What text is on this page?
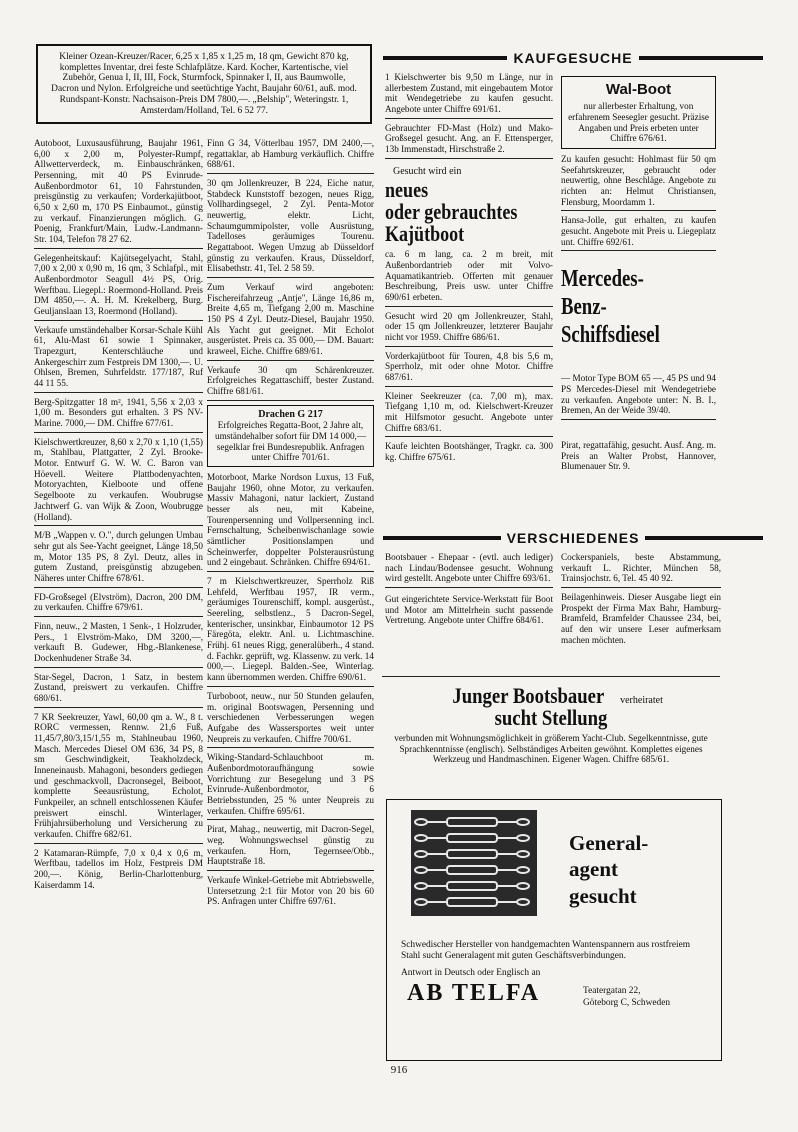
Kleiner Ozean-Kreuzer/Racer, 6,25 x 1,85 x 1,25 m, 18 qm, Gewicht 870 kg, komplettes Inventar, drei feste Schlafplätze. Kard. Kocher, Kartentische, viel Zubehör, Genua I, II, III, Fock, Sturmfock, Spinnaker I, II, aus Baumwolle, Dacron und Nylon. Erfolgreiche und seetüchtige Yacht, Baujahr 60/61, auß. mod. Rundspant-Konstr. Nachsaison-Preis DM 7800,—. „Belship", Weteringstr. 1, Amsterdam/Holland, Tel. 6 52 77.
Autoboot, Luxusausführung, Baujahr 1961, 6,00 x 2,00 m, Polyester-Rumpf, Allwetterverdeck, m. Einbauschränken, Persenning, mit 40 PS Evinrude-Außenbordmotor 61, 10 Fahrstunden, preisgünstig zu verkaufen; Vorderkajütboot, 6,50 x 2,60 m, 170 PS Einbaumot., günstig zu verkauf. Finanzierungen möglich. G. Poenig, Frankfurt/Main, Ludw.-Landmann-Str. 104, Telefon 78 27 62.
Gelegenheitskauf: Kajütsegelyacht, Stahl, 7,00 x 2,00 x 0,90 m, 16 qm, 3 Schlafpl., mit Außenbordmotor Seagull 4½ PS, Orig. Werftbau. Liegepl.: Roermond-Holland. Preis DM 4850,—. A. H. M. Krekelberg, Burg. Geuljanslaan 13, Roermond (Holland).
Verkaufe umständehalber Korsar-Schale Kühl 61, Alu-Mast 61 sowie 1 Spinnaker, Trapezgurt, Kenterschläuche und Ankergeschirr zum Festpreis DM 1300,—. U. Ohlsen, Bremen, Suhrfeldstr. 177/187, Ruf 44 11 55.
Berg-Spitzgatter 18 m², 1941, 5,56 x 2,03 x 1,00 m. Besonders gut erhalten. 3 PS NV-Marine. 7000,— DM. Chiffre 677/61.
Kielschwertkreuzer, 8,60 x 2,70 x 1,10 (1,55) m, Stahlbau, Plattgatter, 2 Zyl. Brooke-Motor. Entwurf G. W. W. C. Baron van Höevell. Weitere Plattbodenyachten, Motoryachten, Kielboote und offene Segelboote zu verkaufen. Woubrugse Jachtwerf G. van Wijk & Zoon, Woubrugge (Holland).
M/B „Wappen v. O.", durch gelungen Umbau sehr gut als See-Yacht geeignet, Länge 18,50 m, Motor 135 PS, 8 Zyl. Deutz, alles in gutem Zustand, preisgünstig abzugeben. Näheres unter Chiffre 678/61.
FD-Großsegel (Elvström), Dacron, 200 DM, zu verkaufen. Chiffre 679/61.
Finn, neuw., 2 Masten, 1 Senk-, 1 Holzruder, Pers., 1 Elvström-Mako, DM 3200,—, verkauft B. Gudewer, Hbg.-Blankenese, Dockenhudener Straße 34.
Star-Segel, Dacron, 1 Satz, in bestem Zustand, preiswert zu verkaufen. Chiffre 680/61.
7 KR Seekreuzer, Yawl, 60,00 qm a. W., 8 t. RORC vermessen, Rennw. 21,6 Fuß, 11,45/7,80/3,15/1,55 m, Stahlneubau 1960, Masch. Mercedes Diesel OM 636, 34 PS, 8 sm Geschwindigkeit, Teakholzdeck, Inneneinausb. Mahagoni, besonders gediegen und geschmackvoll, Dacronsegel, Beiboot, komplette Seeausrüstung, Echolot, Funkpeiler, an schnell entschlossenen Käufer preiswert einschl. Winterlager, Frühjahrsüberholung und Versicherung zu verkaufen. Chiffre 682/61.
2 Katamaran-Rümpfe, 7,0 x 0,4 x 0,6 m, Werftbau, tadellos im Holz, Festpreis DM 200,—. König, Berlin-Charlottenburg, Kaiserdamm 14.
Finn G 34, Vötterlbau 1957, DM 2400,—, regattaklar, ab Hamburg verkäuflich. Chiffre 688/61.
30 qm Jollenkreuzer, B 224, Eiche natur, Stabdeck Kunststoff bezogen, neues Rigg, Vollhardingsegel, 2 Zyl. Penta-Motor neuwertig, elektr. Licht, Schaumgummipolster, volle Ausrüstung, Tadelloses geräumiges Tourenu. Regattaboot. Wegen Umzug ab Düsseldorf günstig zu verkaufen. Kraus, Düsseldorf, Elisabethstr. 41, Tel. 2 58 59.
Zum Verkauf wird angeboten: Fischereifahrzeug „Antje", Länge 16,86 m, Breite 4,65 m, Tiefgang 2,00 m. Maschine 150 PS 4 Zyl. Deutz-Diesel, Baujahr 1950. Als Yacht gut geeignet. Mit Echolot ausgerüstet. Preis ca. 35 000,— DM. Bauart: kraweel, Eiche. Chiffre 689/61.
Verkaufe 30 qm Schärenkreuzer. Erfolgreiches Regattaschiff, bester Zustand. Chiffre 681/61.
Drachen G 217
Erfolgreiches Regatta-Boot, 2 Jahre alt, umständehalber sofort für DM 14 000,— segelklar frei Bundesrepublik. Anfragen unter Chiffre 701/61.
Motorboot, Marke Nordson Luxus, 13 Fuß, Baujahr 1960, ohne Motor, zu verkaufen. Massiv Mahagoni, natur lackiert, Zustand besser als neu, mit Kabeine, Tourenpersenning und Vollpersenning incl. Fernschaltung, Scheibenwischanlage sowie sämtlicher Positionslampen und Scheinwerfer, doppelter Polsterausrüstung und 2 eingebaut. Schränken. Chiffre 694/61.
7 m Kielschwertkreuzer, Sperrholz Riß Lehfeld, Werftbau 1957, IR verm., geräumiges Tourenschiff, kompl. ausgerüst., Seereling, selbstlenz., 5 Dacron-Segel, kenterischer, unsinkbar, Einbaumotor 12 PS Färegöta, elektr. Anl. u. Lichtmaschine. Frühj. 61 neues Rigg, generalüberh., 4 stand. d. Fachkr. geprüft, wg. Klassenw. zu verk. 14 000,—. Liegepl. Balden.-See, Winterlag. kann übernommen werden. Chiffre 690/61.
Turboboot, neuw., nur 50 Stunden gelaufen, m. original Bootswagen, Persenning und verschiedenen Verbesserungen wegen Aufgabe des Wassersportes weit unter Neupreis zu verkaufen. Chiffre 700/61.
Wiking-Standard-Schlauchboot m. Außenbordmotoraufhängung sowie Vorrichtung zur Besegelung und 3 PS Evinrude-Außenbordmotor, 6 Betriebsstunden, 25 % unter Neupreis zu verkaufen. Chiffre 695/61.
Pirat, Mahag., neuwertig, mit Dacron-Segel, weg. Wohnungswechsel günstig zu verkaufen. Horn, Tegernsee/Obb., Hauptstraße 18.
Verkaufe Winkel-Getriebe mit Abtriebswelle, Untersetzung 2:1 für Motor von 20 bis 60 PS. Anfragen unter Chiffre 697/61.
KAUFGESUCHE
1 Kielschwerter bis 9,50 m Länge, nur in allerbestem Zustand, mit eingebautem Motor mit Wendegetriebe zu kaufen gesucht. Angebote unter Chiffre 691/61.
Gebrauchter FD-Mast (Holz) und Mako-Großsegel gesucht. Ang. an F. Ettensperger, 13b Immenstadt, Hirschstraße 2.
Gesucht wird ein
neues
oder gebrauchtes
Kajütboot
ca. 6 m lang, ca. 2 m breit, mit Außenbordantrieb oder mit Volvo-Aquamatikantrieb. Offerten mit genauer Beschreibung, Preis usw. unter Chiffre 690/61 erbeten.
Gesucht wird 20 qm Jollenkreuzer, Stahl, oder 15 qm Jollenkreuzer, letzterer Baujahr nicht vor 1959. Chiffre 686/61.
Vorderkajütboot für Touren, 4,8 bis 5,6 m, Sperrholz, mit oder ohne Motor. Chiffre 687/61.
Kleiner Seekreuzer (ca. 7,00 m), max. Tiefgang 1,10 m, od. Kielschwert-Kreuzer mit Hilfsmotor gesucht. Angebote unter Chiffre 683/61.
Kaufe leichten Bootshänger, Tragkr. ca. 300 kg. Chiffre 675/61.
Wal-Boot
nur allerbester Erhaltung, von erfahrenem Seesegler gesucht. Präzise Angaben und Preis erbeten unter Chiffre 676/61.
Zu kaufen gesucht: Hohlmast für 50 qm Seefahrtskreuzer, gebraucht oder neuwertig, ohne Beschläge. Angebote zu richten an: Helmut Christiansen, Flensburg, Moordamm 1.
Hansa-Jolle, gut erhalten, zu kaufen gesucht. Angebote mit Preis u. Liegeplatz unt. Chiffre 692/61.
Mercedes-
Benz-
Schiffsdiesel
— Motor Type BOM 65 —, 45 PS und 94 PS Mercedes-Diesel mit Wendegetriebe zu verkaufen. Angebote unter: N. B. I., Bremen, An der Weide 39/40.
Pirat, regattafähig, gesucht. Ausf. Ang. m. Preis an Walter Probst, Hannover, Blumenauer Str. 9.
VERSCHIEDENES
Bootsbauer - Ehepaar - (evtl. auch lediger) nach Lindau/Bodensee gesucht. Wohnung wird gestellt. Angebote unter Chiffre 693/61.
Gut eingerichtete Service-Werkstatt für Boot und Motor am Mittelrhein sucht passende Vertretung. Angebote unter Chiffre 684/61.
Cockerspaniels, beste Abstammung, verkauft L. Richter, München 58, Trainsjochstr. 6, Tel. 45 40 92.
Beilagenhinweis. Dieser Ausgabe liegt ein Prospekt der Firma Max Bahr, Hamburg-Bramfeld, Bramfelder Chaussee 234, bei, auf den wir unsere Leser aufmerksam machen möchten.
Junger Bootsbauer verheiratet
sucht Stellung
verbunden mit Wohnungsmöglichkeit in größerem Yacht-Club. Segelkenntnisse, gute Sprachkenntnisse (englisch). Selbständiges Arbeiten gewöhnt. Komplettes eigenes Werkzeug und Handmaschinen. Eigener Wagen. Chiffre 685/61.
General-
agent
gesucht
Schwedischer Hersteller von handgemachten Wantenspannern aus rostfreiem Stahl sucht Generalagent mit guten Geschäftsverbindungen.
Antwort in Deutsch oder Englisch an
AB TELFA	Teatergatan 22,
Göteborg C, Schweden
916
